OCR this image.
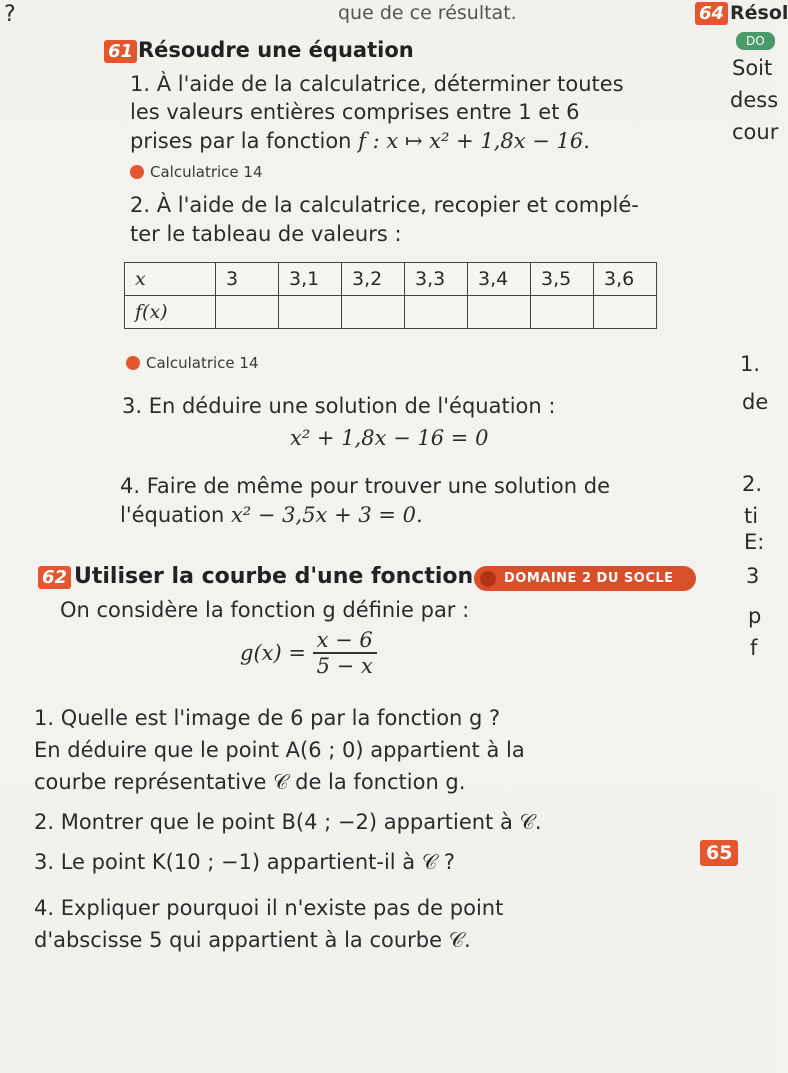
?	que de ce résultat.	64 Résol
DO
Soit
dess
cour
61 Résoudre une équation
1. À l'aide de la calculatrice, déterminer toutes
les valeurs entières comprises entre 1 et 6
prises par la fonction f : x ↦ x² + 1,8x − 16.
Calculatrice 14
2. À l'aide de la calculatrice, recopier et complé-
ter le tableau de valeurs :
x	3	3,1	3,2	3,3	3,4	3,5	3,6
f(x)							
Calculatrice 14
3. En déduire une solution de l'équation :
x² + 1,8x − 16 = 0
4. Faire de même pour trouver une solution de
l'équation x² − 3,5x + 3 = 0.
62 Utiliser la courbe d'une fonction	DOMAINE 2 DU SOCLE
On considère la fonction g définie par :
$g(x) = \frac{x - 6}{5 - x}$
1. Quelle est l'image de 6 par la fonction g ?
En déduire que le point A(6 ; 0) appartient à la
courbe représentative 𝒞 de la fonction g.
2. Montrer que le point B(4 ; −2) appartient à 𝒞.
3. Le point K(10 ; −1) appartient-il à 𝒞 ?
4. Expliquer pourquoi il n'existe pas de point
d'abscisse 5 qui appartient à la courbe 𝒞.
1.
de
2.
ti
E:
3
p
f
65
